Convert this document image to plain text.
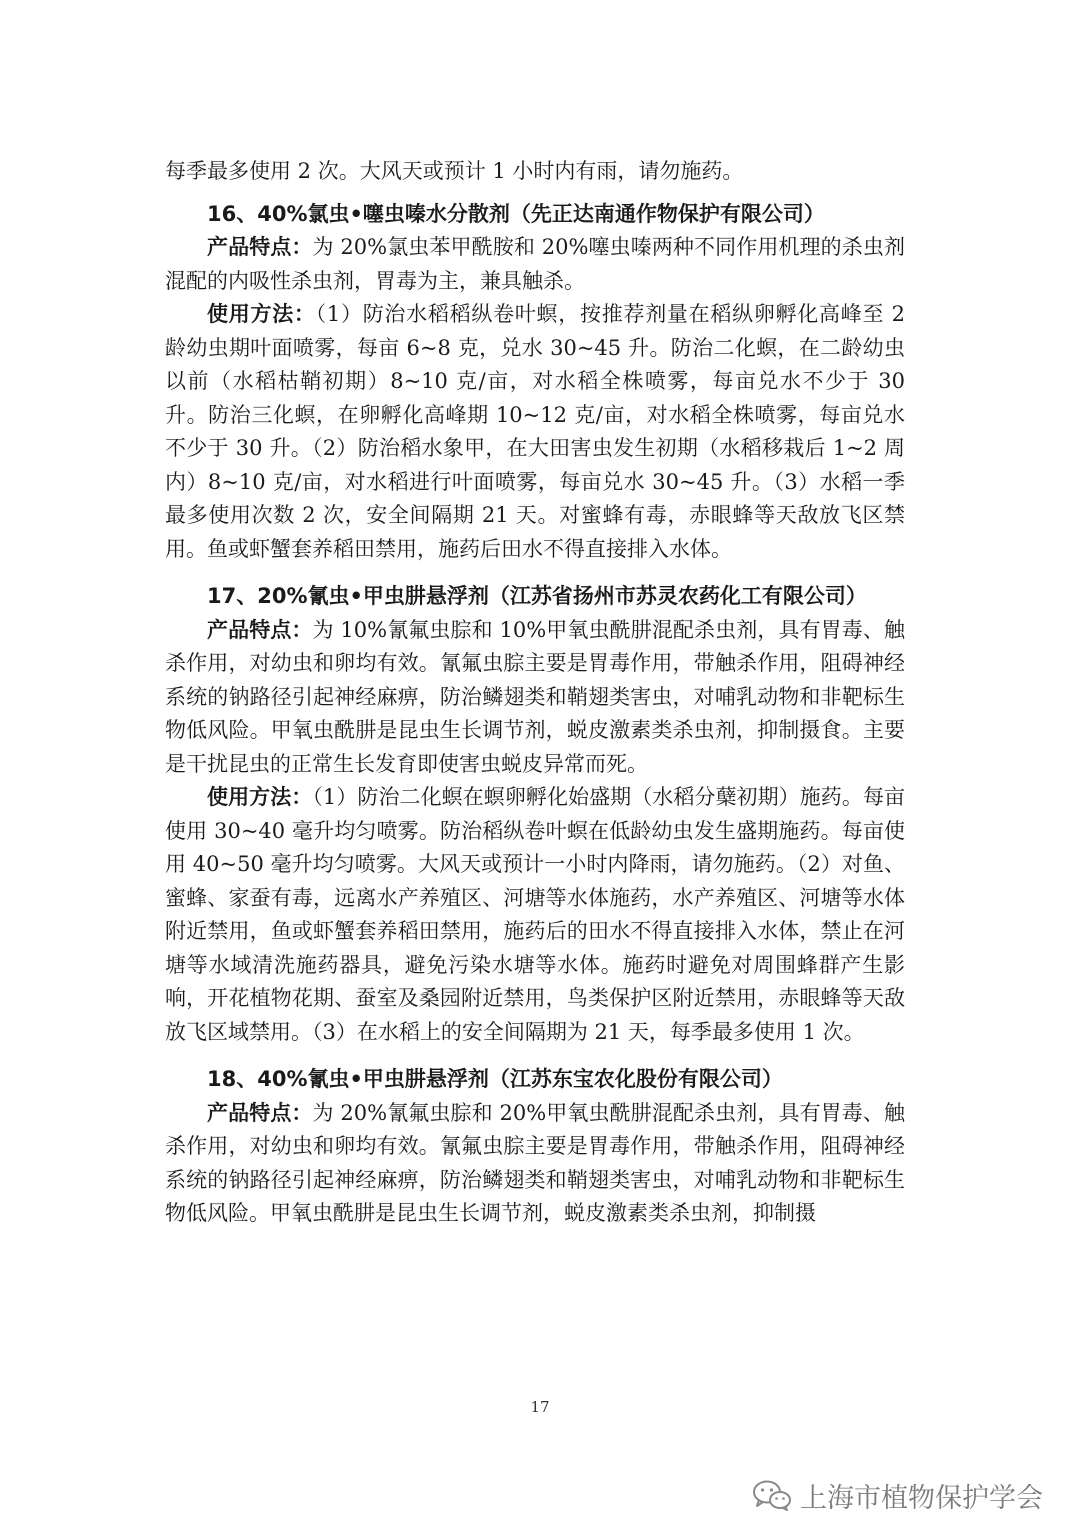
每季最多使用 2 次。大风天或预计 1 小时内有雨，请勿施药。

16、40%氯虫•噻虫嗪水分散剂（先正达南通作物保护有限公司）

产品特点：为 20%氯虫苯甲酰胺和 20%噻虫嗪两种不同作用机理的杀虫剂混配的内吸性杀虫剂，胃毒为主，兼具触杀。

使用方法：（1）防治水稻稻纵卷叶螟，按推荐剂量在稻纵卵孵化高峰至 2 龄幼虫期叶面喷雾，每亩 6~8 克，兑水 30~45 升。防治二化螟，在二龄幼虫以前（水稻枯鞘初期）8~10 克/亩，对水稻全株喷雾，每亩兑水不少于 30 升。防治三化螟，在卵孵化高峰期 10~12 克/亩，对水稻全株喷雾，每亩兑水不少于 30 升。（2）防治稻水象甲，在大田害虫发生初期（水稻移栽后 1~2 周内）8~10 克/亩，对水稻进行叶面喷雾，每亩兑水 30~45 升。（3）水稻一季最多使用次数 2 次，安全间隔期 21 天。对蜜蜂有毒，赤眼蜂等天敌放飞区禁用。鱼或虾蟹套养稻田禁用，施药后田水不得直接排入水体。

17、20%氰虫•甲虫肼悬浮剂（江苏省扬州市苏灵农药化工有限公司）

产品特点：为 10%氰氟虫腙和 10%甲氧虫酰肼混配杀虫剂，具有胃毒、触杀作用，对幼虫和卵均有效。氰氟虫腙主要是胃毒作用，带触杀作用，阻碍神经系统的钠路径引起神经麻痹，防治鳞翅类和鞘翅类害虫，对哺乳动物和非靶标生物低风险。甲氧虫酰肼是昆虫生长调节剂，蜕皮激素类杀虫剂，抑制摄食。主要是干扰昆虫的正常生长发育即使害虫蜕皮异常而死。

使用方法：（1）防治二化螟在螟卵孵化始盛期（水稻分蘖初期）施药。每亩使用 30~40 毫升均匀喷雾。防治稻纵卷叶螟在低龄幼虫发生盛期施药。每亩使用 40~50 毫升均匀喷雾。大风天或预计一小时内降雨，请勿施药。（2）对鱼、蜜蜂、家蚕有毒，远离水产养殖区、河塘等水体施药，水产养殖区、河塘等水体附近禁用，鱼或虾蟹套养稻田禁用，施药后的田水不得直接排入水体，禁止在河塘等水域清洗施药器具，避免污染水塘等水体。施药时避免对周围蜂群产生影响，开花植物花期、蚕室及桑园附近禁用，鸟类保护区附近禁用，赤眼蜂等天敌放飞区域禁用。（3）在水稻上的安全间隔期为 21 天，每季最多使用 1 次。

18、40%氰虫•甲虫肼悬浮剂（江苏东宝农化股份有限公司）

产品特点：为 20%氰氟虫腙和 20%甲氧虫酰肼混配杀虫剂，具有胃毒、触杀作用，对幼虫和卵均有效。氰氟虫腙主要是胃毒作用，带触杀作用，阻碍神经系统的钠路径引起神经麻痹，防治鳞翅类和鞘翅类害虫，对哺乳动物和非靶标生物低风险。甲氧虫酰肼是昆虫生长调节剂，蜕皮激素类杀虫剂，抑制摄

17
上海市植物保护学会
